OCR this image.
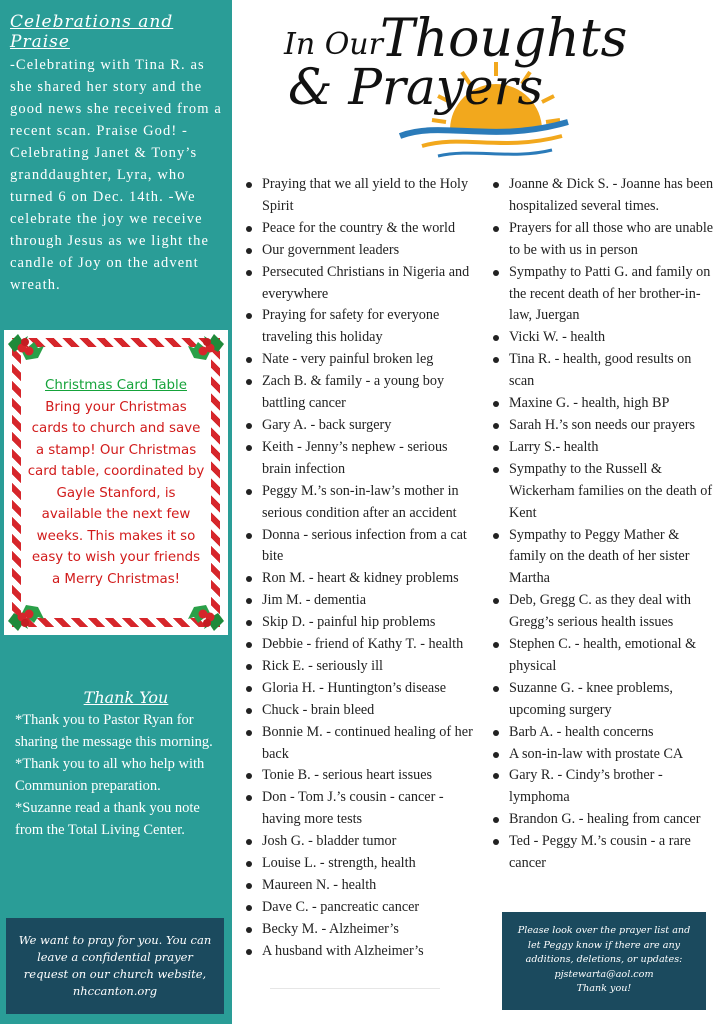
Celebrations and Praise

-Celebrating with Tina R. as she shared her story and the good news she received from a recent scan. Praise God! -Celebrating Janet & Tony’s granddaughter, Lyra, who turned 6 on Dec. 14th. -We celebrate the joy we receive through Jesus as we light the candle of Joy on the advent wreath.

Christmas Card Table
Bring your Christmas cards to church and save a stamp! Our Christmas card table, coordinated by Gayle Stanford, is available the next few weeks. This makes it so easy to wish your friends a Merry Christmas!
Thank You

*Thank you to Pastor Ryan for sharing the message this morning.

*Thank you to all who help with Communion preparation.

*Suzanne read a thank you note from the Total Living Center.

We want to pray for you. You can leave a confidential prayer request on our church website, nhccanton.org
In Our
Thoughts
& Prayers
Praying that we all yield to the Holy Spirit
Peace for the country & the world
Our government leaders
Persecuted Christians in Nigeria and everywhere
Praying for safety for everyone traveling this holiday
Nate - very painful broken leg
Zach B. & family - a young boy battling cancer
Gary A. - back surgery
Keith - Jenny’s nephew - serious brain infection
Peggy M.’s son-in-law’s mother in serious condition after an accident
Donna - serious infection from a cat bite
Ron M. - heart & kidney problems
Jim M. - dementia
Skip D. - painful hip problems
Debbie - friend of Kathy T. - health
Rick E. - seriously ill
Gloria H. - Huntington’s disease
Chuck - brain bleed
Bonnie M. - continued healing of her back
Tonie B. - serious heart issues
Don - Tom J.’s cousin - cancer - having more tests
Josh G. - bladder tumor
Louise L. - strength, health
Maureen N. - health
Dave C. - pancreatic cancer
Becky M. - Alzheimer’s
A husband with Alzheimer’s
Joanne & Dick S. - Joanne has been hospitalized several times.
Prayers for all those who are unable to be with us in person
Sympathy to Patti G. and family on the recent death of her brother-in-law, Juergan
Vicki W. - health
Tina R. - health, good results on scan
Maxine G. - health, high BP
Sarah H.’s son needs our prayers
Larry S.- health
Sympathy to the Russell & Wickerham families on the death of Kent
Sympathy to Peggy Mather & family on the death of her sister Martha
Deb, Gregg C. as they deal with Gregg’s serious health issues
Stephen C. - health, emotional & physical
Suzanne G. - knee problems, upcoming surgery
Barb A. - health concerns
A son-in-law with prostate CA
Gary R. - Cindy’s brother - lymphoma
Brandon G. - healing from cancer
Ted - Peggy M.’s cousin - a rare cancer
Please look over the prayer list and let Peggy know if there are any additions, deletions, or updates:
pjstewarta@aol.com
Thank you!
